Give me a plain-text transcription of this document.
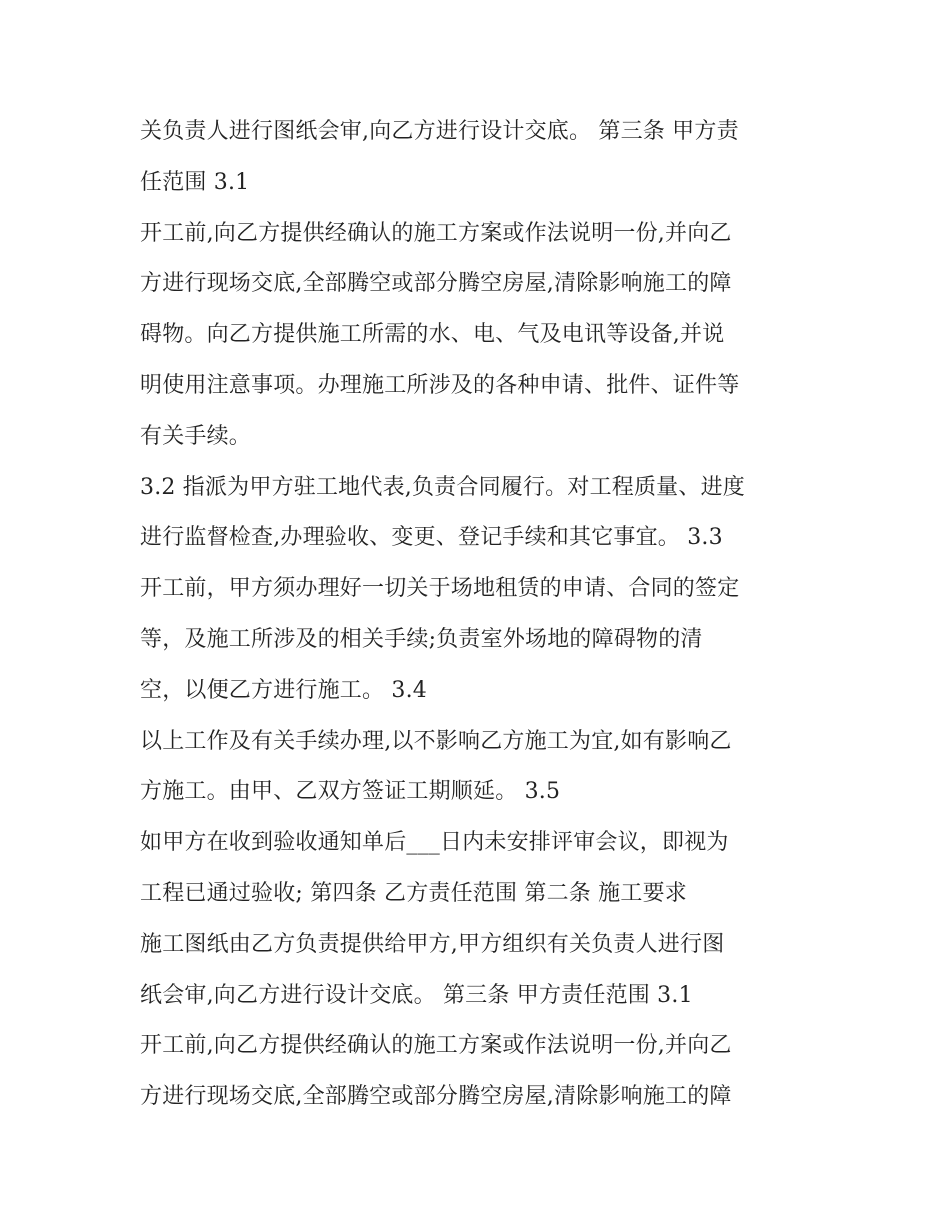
关负责人进行图纸会审,向乙方进行设计交底。 第三条 甲方责
任范围 3.1
开工前,向乙方提供经确认的施工方案或作法说明一份,并向乙
方进行现场交底,全部腾空或部分腾空房屋,清除影响施工的障
碍物。向乙方提供施工所需的水、电、气及电讯等设备,并说
明使用注意事项。办理施工所涉及的各种申请、批件、证件等
有关手续。
3.2 指派为甲方驻工地代表,负责合同履行。对工程质量、进度
进行监督检查,办理验收、变更、登记手续和其它事宜。 3.3
开工前，甲方须办理好一切关于场地租赁的申请、合同的签定
等，及施工所涉及的相关手续;负责室外场地的障碍物的清
空，以便乙方进行施工。 3.4
以上工作及有关手续办理,以不影响乙方施工为宜,如有影响乙
方施工。由甲、乙双方签证工期顺延。 3.5
如甲方在收到验收通知单后___日内未安排评审会议，即视为
工程已通过验收; 第四条 乙方责任范围 第二条 施工要求
施工图纸由乙方负责提供给甲方,甲方组织有关负责人进行图
纸会审,向乙方进行设计交底。 第三条 甲方责任范围 3.1
开工前,向乙方提供经确认的施工方案或作法说明一份,并向乙
方进行现场交底,全部腾空或部分腾空房屋,清除影响施工的障
